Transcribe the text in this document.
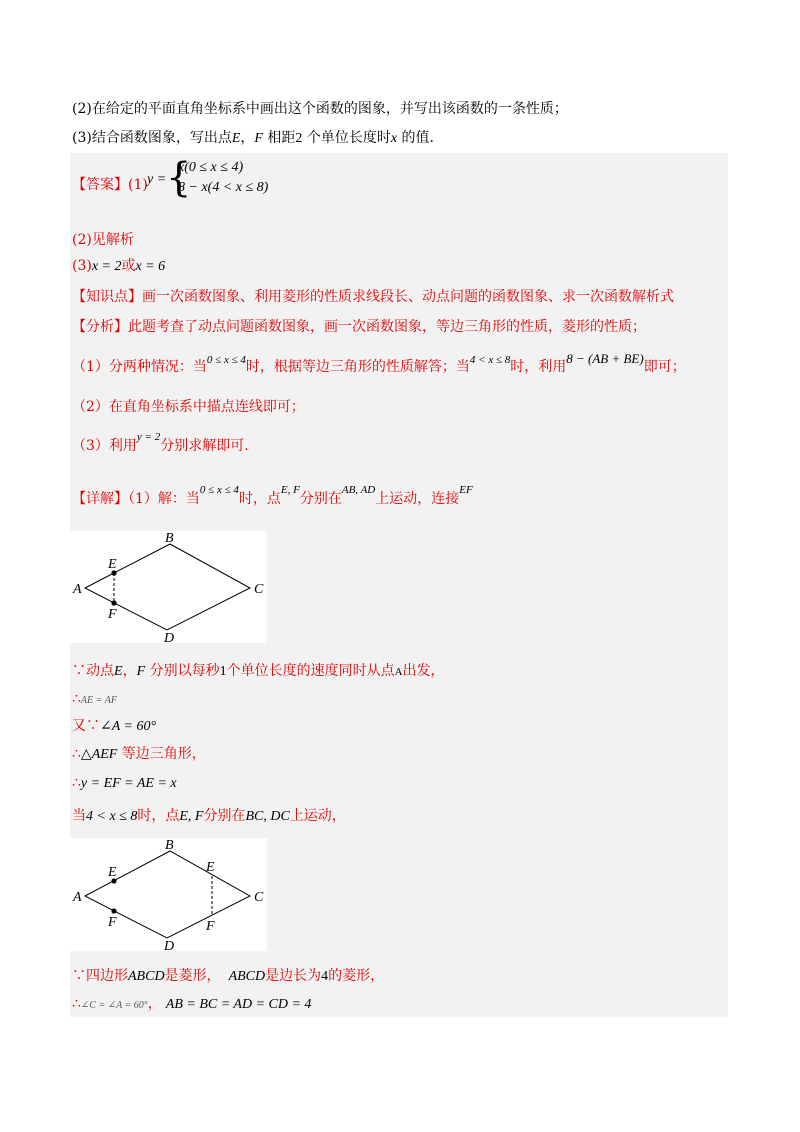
(2)在给定的平面直角坐标系中画出这个函数的图象，并写出该函数的一条性质；
(3)结合函数图象，写出点E，F 相距2 个单位长度时x 的值.
【答案】(1) y = {
x(0 ≤ x ≤ 4)
8 − x(4 < x ≤ 8)
(2)见解析
(3)x = 2或x = 6
【知识点】画一次函数图象、利用菱形的性质求线段长、动点问题的函数图象、求一次函数解析式
【分析】此题考查了动点问题函数图象，画一次函数图象，等边三角形的性质，菱形的性质；
（1）分两种情况：当$^{0 \le x \le 4}$时，根据等边三角形的性质解答；当$^{4 < x \le 8}$时，利用8 − (AB + BE)即可；
（2）在直角坐标系中描点连线即可；
（3）利用$^{y = 2}$分别求解即可.
【详解】（1）解：当$^{0 \le x \le 4}$时，点$^{E, F}$分别在$^{AB, AD}$上运动，连接$^{EF}$
A
B
C
D
E
F
∵动点E，F 分别以每秒1个单位长度的速度同时从点A出发，
∴AE = AF
又∵∠A = 60°
∴△AEF 等边三角形，
∴y = EF = AE = x
当4 < x ≤ 8时，点E, F分别在BC, DC上运动，
A
B
C
D
E
F
E
F
∵四边形ABCD是菱形， ABCD是边长为4的菱形，
∴∠C = ∠A = 60°， AB = BC = AD = CD = 4
